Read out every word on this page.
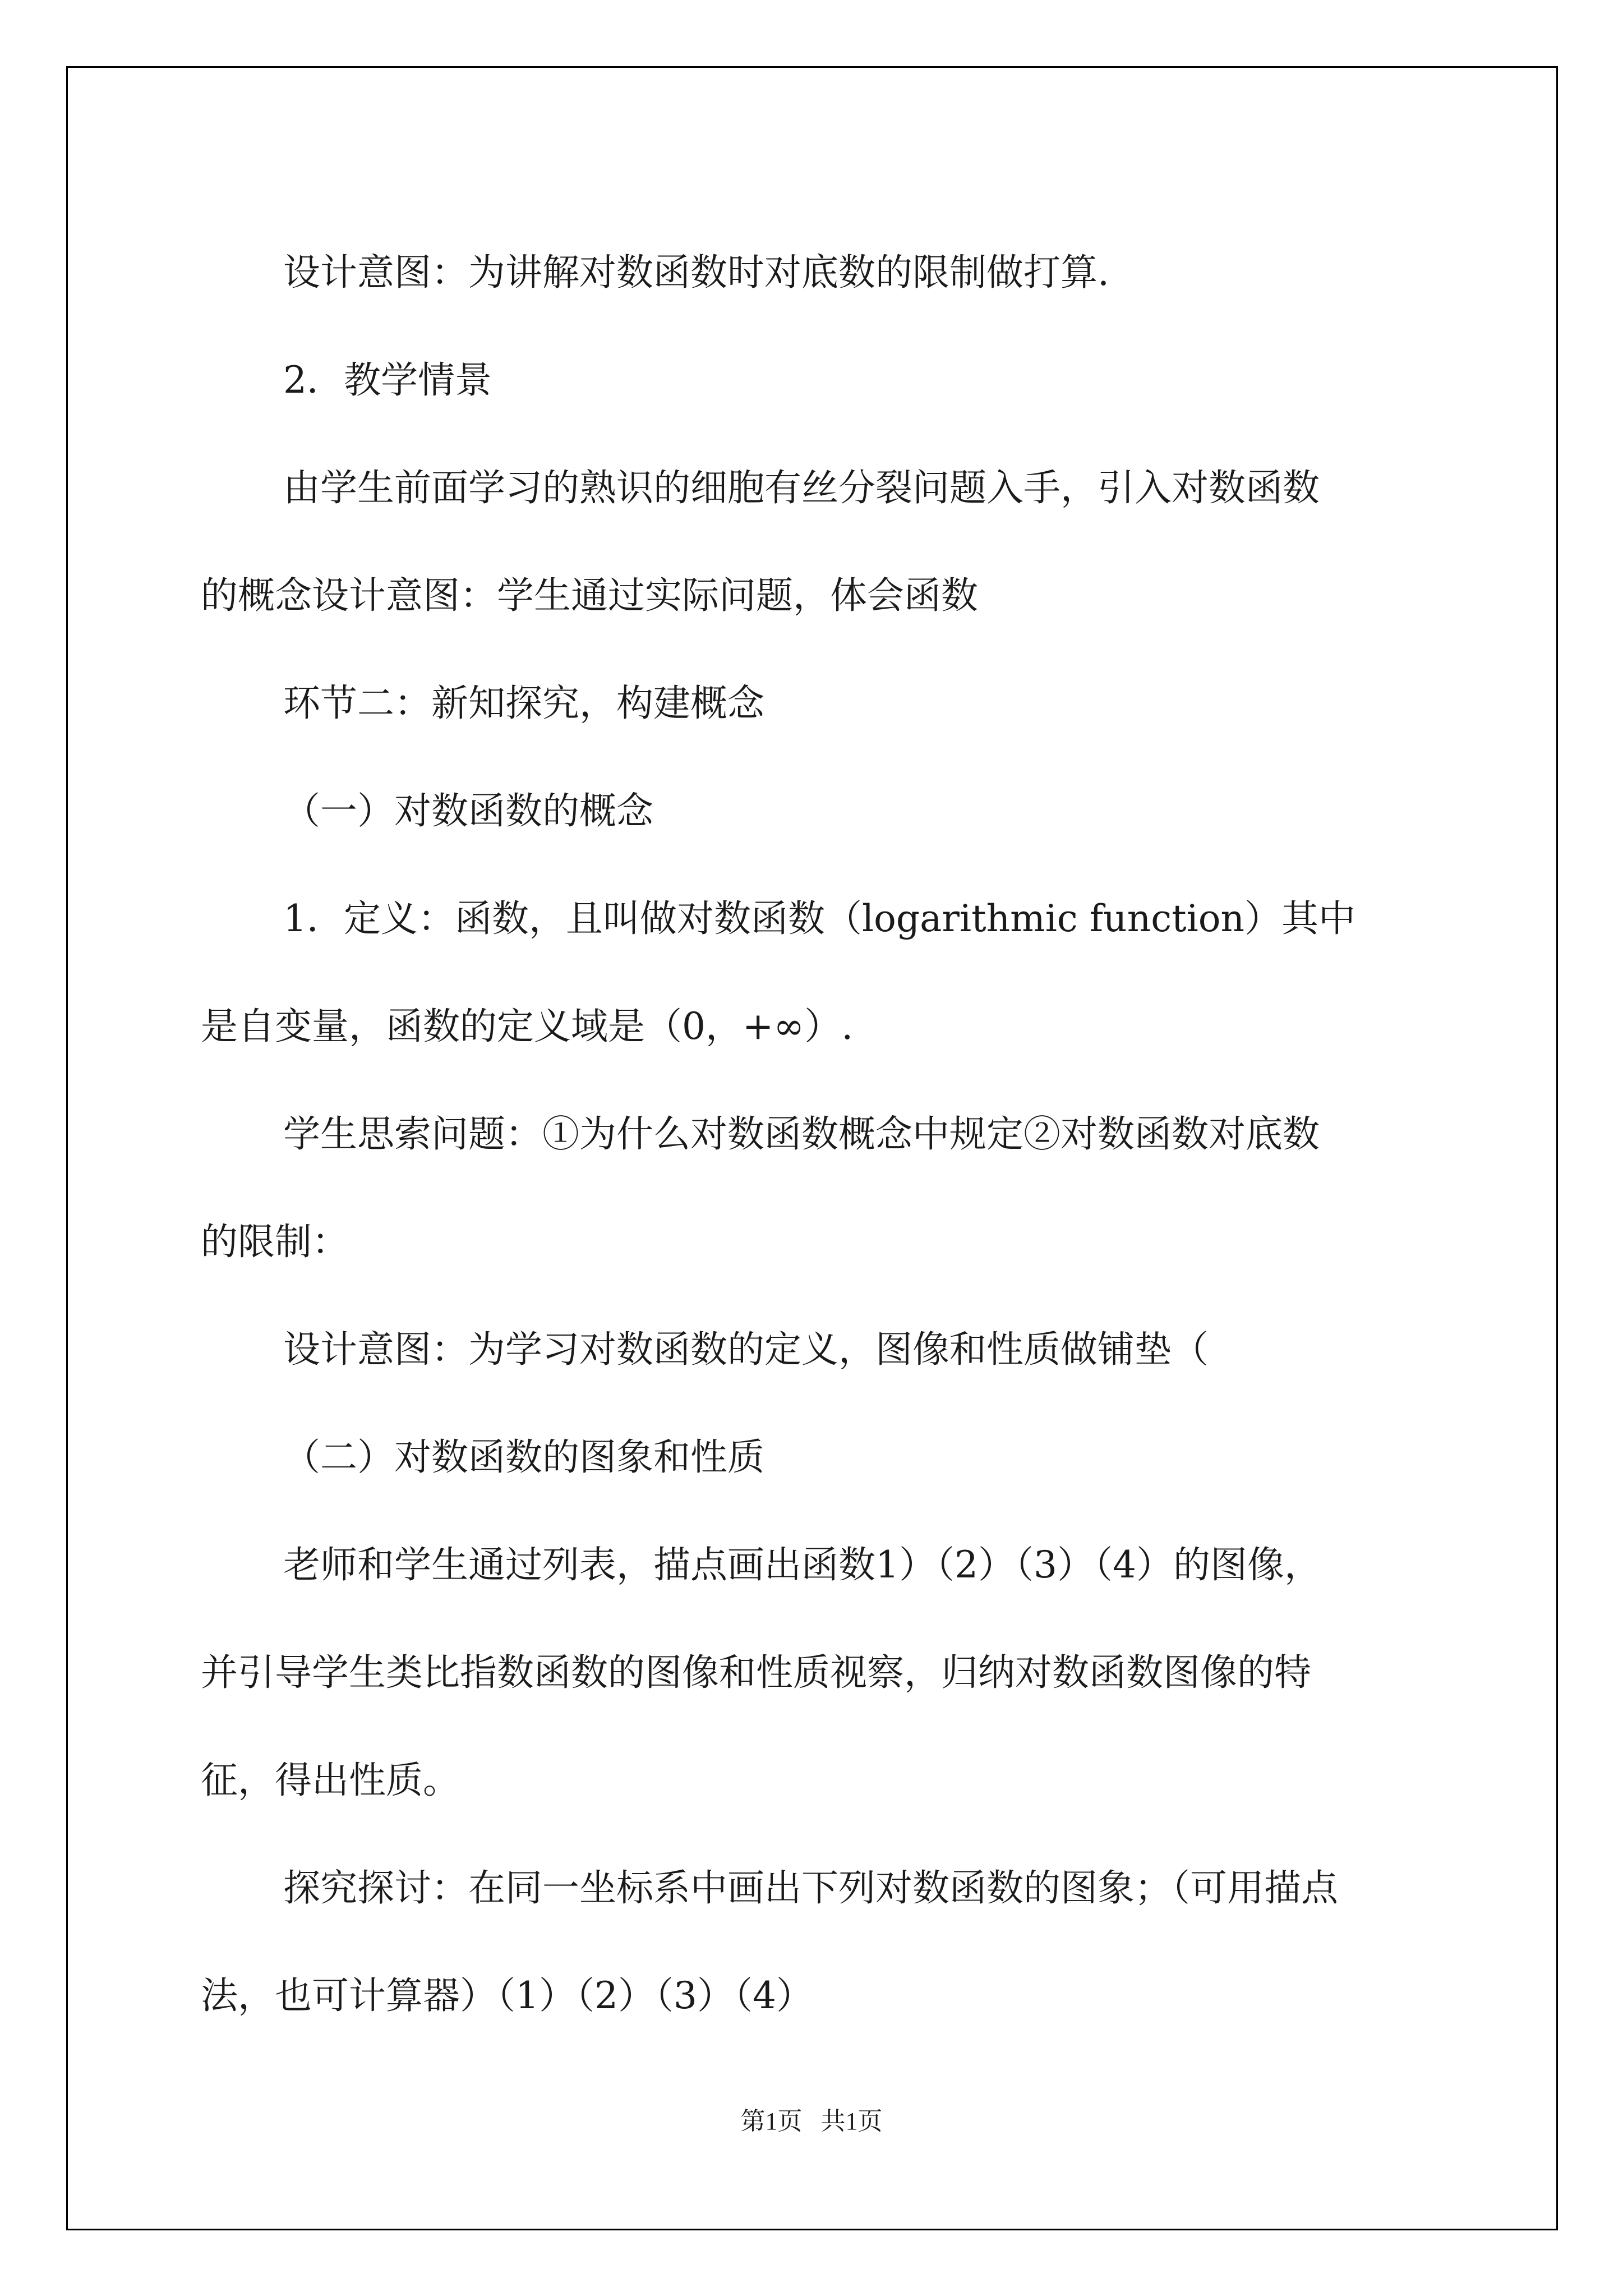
设计意图：为讲解对数函数时对底数的限制做打算.

2．教学情景

由学生前面学习的熟识的细胞有丝分裂问题入手，引入对数函数

的概念设计意图：学生通过实际问题，体会函数

环节二：新知探究，构建概念

（一）对数函数的概念

1．定义：函数，且叫做对数函数（logarithmic function）其中

是自变量，函数的定义域是（0，+∞）.

学生思索问题：①为什么对数函数概念中规定②对数函数对底数

的限制：

设计意图：为学习对数函数的定义，图像和性质做铺垫（

（二）对数函数的图象和性质

老师和学生通过列表，描点画出函数1）（2）（3）（4）的图像，

并引导学生类比指数函数的图像和性质视察，归纳对数函数图像的特

征，得出性质。

探究探讨：在同一坐标系中画出下列对数函数的图象；（可用描点

法，也可计算器）（1）（2）（3）（4）

第1页   共1页
